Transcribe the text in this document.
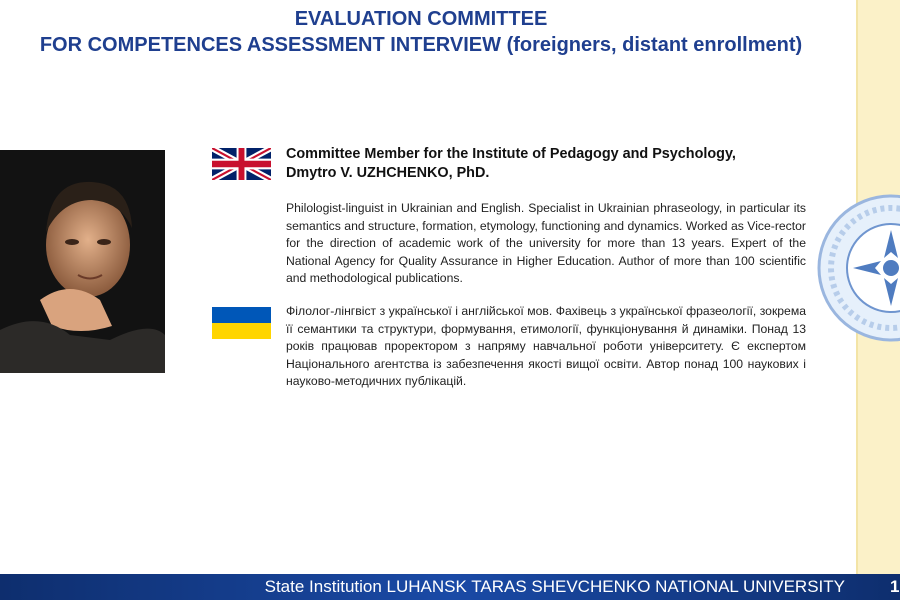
EVALUATION COMMITTEE
FOR COMPETENCES ASSESSMENT INTERVIEW (foreigners, distant enrollment)
Committee Member for the Institute of Pedagogy and Psychology,
Dmytro V. UZHCHENKO, PhD.
Philologist-linguist in Ukrainian and English. Specialist in Ukrainian phraseology, in particular its semantics and structure, formation, etymology, functioning and dynamics. Worked as Vice-rector for the direction of academic work of the university for more than 13 years. Expert of the National Agency for Quality Assurance in Higher Education. Author of more than 100 scientific and methodological publications.
Філолог-лінгвіст з української і англійської мов. Фахівець з української фразеології, зокрема її семантики та структури, формування, етимології, функціонування й динаміки. Понад 13 років працював проректором з напряму навчальної роботи університету. Є експертом Національного агентства із забезпечення якості вищої освіти. Автор понад 100 наукових і науково-методичних публікацій.
State Institution LUHANSK TARAS SHEVCHENKO NATIONAL UNIVERSITY	1
